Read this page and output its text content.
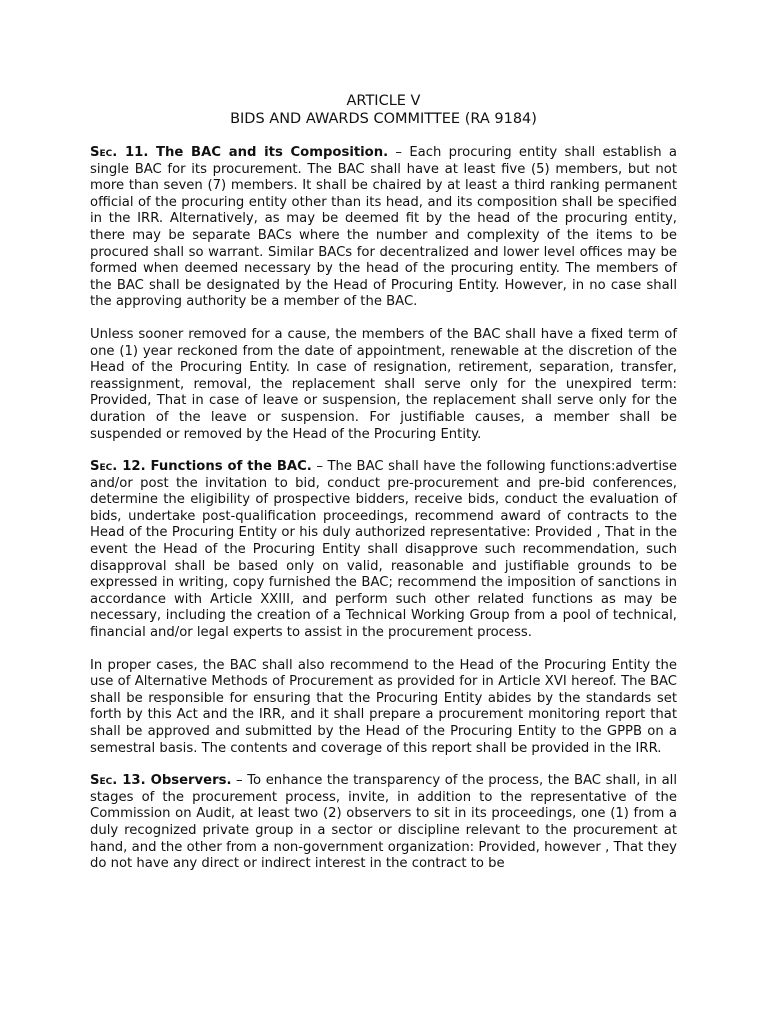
ARTICLE V
BIDS AND AWARDS COMMITTEE (RA 9184)

Sec. 11. The BAC and its Composition. – Each procuring entity shall establish a single BAC for its procurement. The BAC shall have at least five (5) members, but not more than seven (7) members. It shall be chaired by at least a third ranking permanent official of the procuring entity other than its head, and its composition shall be specified in the IRR. Alternatively, as may be deemed fit by the head of the procuring entity, there may be separate BACs where the number and complexity of the items to be procured shall so warrant. Similar BACs for decentralized and lower level offices may be formed when deemed necessary by the head of the procuring entity. The members of the BAC shall be designated by the Head of Procuring Entity. However, in no case shall the approving authority be a member of the BAC.

Unless sooner removed for a cause, the members of the BAC shall have a fixed term of one (1) year reckoned from the date of appointment, renewable at the discretion of the Head of the Procuring Entity. In case of resignation, retirement, separation, transfer, reassignment, removal, the replacement shall serve only for the unexpired term: Provided, That in case of leave or suspension, the replacement shall serve only for the duration of the leave or suspension. For justifiable causes, a member shall be suspended or removed by the Head of the Procuring Entity.

Sec. 12. Functions of the BAC. – The BAC shall have the following functions:advertise and/or post the invitation to bid, conduct pre-procurement and pre-bid conferences, determine the eligibility of prospective bidders, receive bids, conduct the evaluation of bids, undertake post-qualification proceedings, recommend award of contracts to the Head of the Procuring Entity or his duly authorized representative: Provided , That in the event the Head of the Procuring Entity shall disapprove such recommendation, such disapproval shall be based only on valid, reasonable and justifiable grounds to be expressed in writing, copy furnished the BAC; recommend the imposition of sanctions in accordance with Article XXIII, and perform such other related functions as may be necessary, including the creation of a Technical Working Group from a pool of technical, financial and/or legal experts to assist in the procurement process.

In proper cases, the BAC shall also recommend to the Head of the Procuring Entity the use of Alternative Methods of Procurement as provided for in Article XVI hereof. The BAC shall be responsible for ensuring that the Procuring Entity abides by the standards set forth by this Act and the IRR, and it shall prepare a procurement monitoring report that shall be approved and submitted by the Head of the Procuring Entity to the GPPB on a semestral basis. The contents and coverage of this report shall be provided in the IRR.

Sec. 13. Observers. – To enhance the transparency of the process, the BAC shall, in all stages of the procurement process, invite, in addition to the representative of the Commission on Audit, at least two (2) observers to sit in its proceedings, one (1) from a duly recognized private group in a sector or discipline relevant to the procurement at hand, and the other from a non-government organization: Provided, however , That they do not have any direct or indirect interest in the contract to be
